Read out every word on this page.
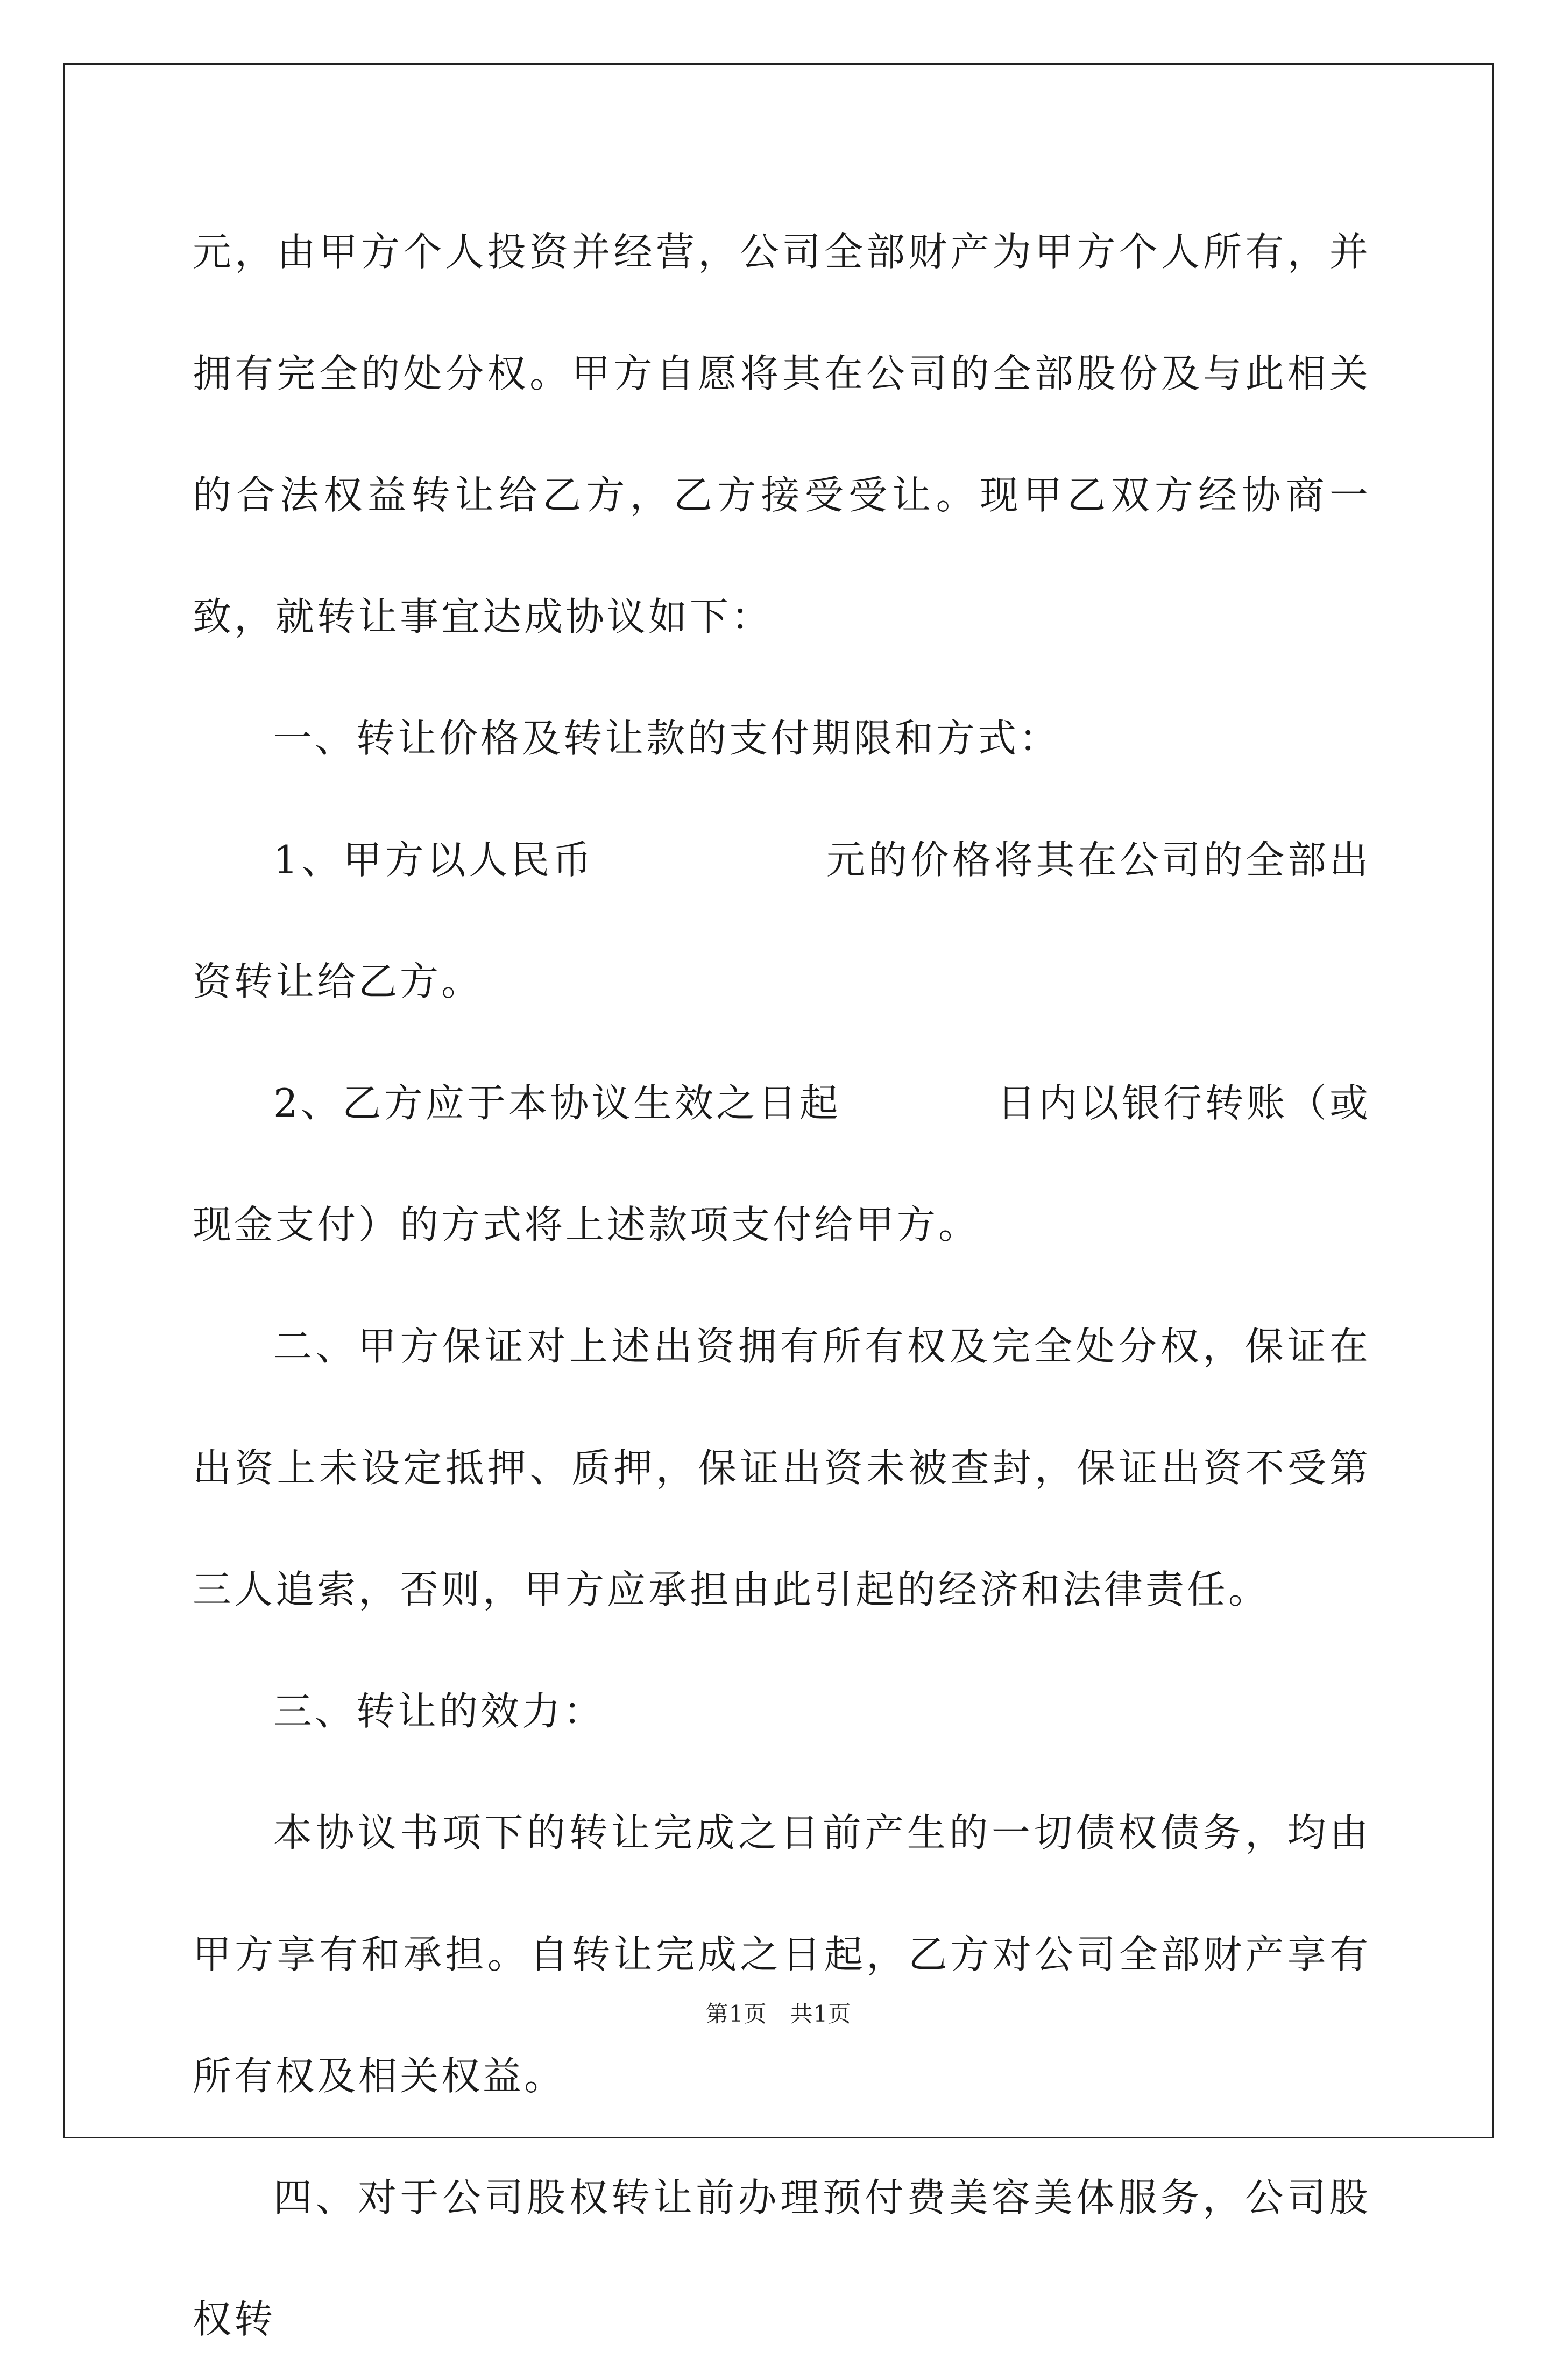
元，由甲方个人投资并经营，公司全部财产为甲方个人所有，并拥有完全的处分权。甲方自愿将其在公司的全部股份及与此相关的合法权益转让给乙方，乙方接受受让。现甲乙双方经协商一致，就转让事宜达成协议如下：

一、转让价格及转让款的支付期限和方式：

1、甲方以人民币	元的价格将其在公司的全部出资转让给乙方。

2、乙方应于本协议生效之日起	日内以银行转账（或现金支付）的方式将上述款项支付给甲方。

二、甲方保证对上述出资拥有所有权及完全处分权，保证在出资上未设定抵押、质押，保证出资未被查封，保证出资不受第三人追索，否则，甲方应承担由此引起的经济和法律责任。

三、转让的效力：

本协议书项下的转让完成之日前产生的一切债权债务，均由甲方享有和承担。自转让完成之日起，乙方对公司全部财产享有所有权及相关权益。

四、对于公司股权转让前办理预付费美容美体服务，公司股权转

第1页   共1页
